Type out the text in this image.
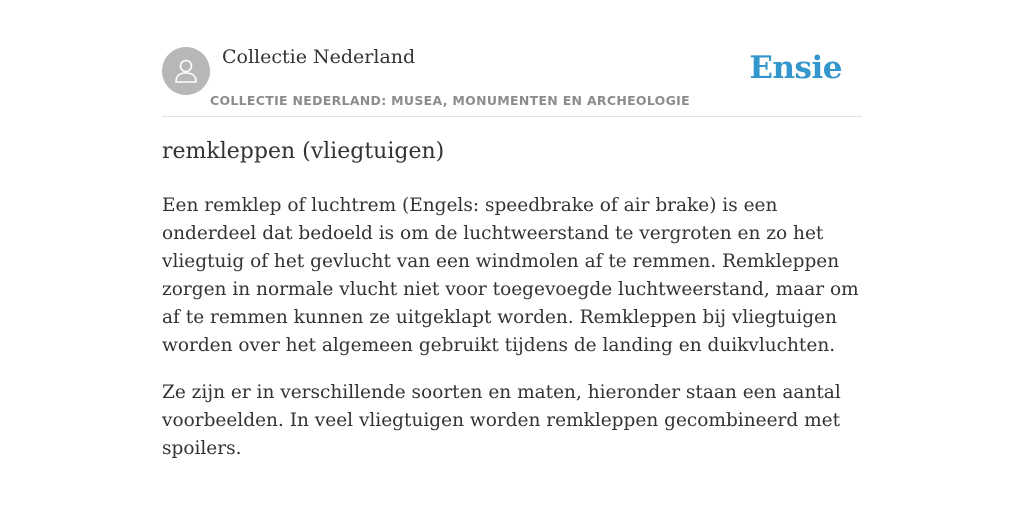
Collectie Nederland
COLLECTIE NEDERLAND: MUSEA, MONUMENTEN EN ARCHEOLOGIE
Ensie
remkleppen (vliegtuigen)

Een remklep of luchtrem (Engels: speedbrake of air brake) is een onderdeel dat bedoeld is om de luchtweerstand te vergroten en zo het vliegtuig of het gevlucht van een windmolen af te remmen. Remkleppen zorgen in normale vlucht niet voor toegevoegde luchtweerstand, maar om af te remmen kunnen ze uitgeklapt worden. Remkleppen bij vliegtuigen worden over het algemeen gebruikt tijdens de landing en duikvluchten.

Ze zijn er in verschillende soorten en maten, hieronder staan een aantal voorbeelden. In veel vliegtuigen worden remkleppen gecombineerd met spoilers.
